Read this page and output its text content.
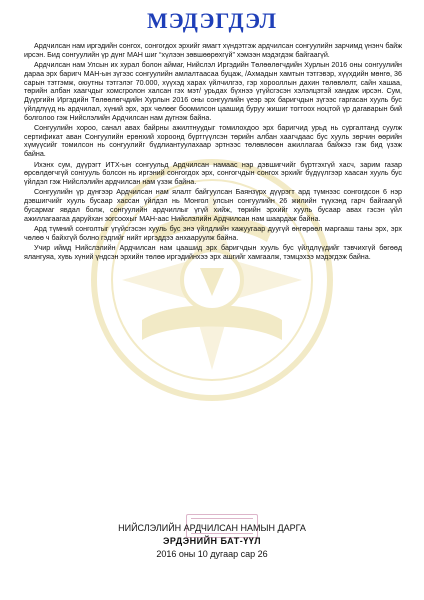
МЭДЭГДЭЛ

Ардчилсан нам иргэдийн сонгох, сонгогдох эрхийг ямагт хүндэтгэж ардчилсан сонгуулийн зарчимд үнэнч байж ирсэн. Бид сонгуулийн үр дүнг МАН шиг “хүлээн зөвшөөрөхгүй” хэмээн мэдэгдэж байгаагүй.

Ардчилсан нам Улсын их хурал болон аймаг, Нийслэл Иргэдийн Төлөөлөгчдийн Хурлын 2016 оны сонгуулийн дараа эрх баригч МАН-ын зүгээс сонгуулийн амлалтаасаа буцаж, /Ахмадын хамтын тэтгэвэр, хүүхдийн мөнгө, 36 сарын тэтгэмж, оюутны тэтгэлэг 70.000, хүүхэд харах үйлчилгээ, гэр хорооллын дахин төлөвлөлт, сайн хашаа, төрийн албан хаагчдыг хомсгролон халсан гэх мэт/ урьдах бүхнээ үгүйсгэсэн хэлэлцэтэй хандаж ирсэн. Сум, Дүүргийн Иргэдийн Төлөөлөгчдийн Хурлын 2016 оны сонгуулийн үеэр эрх баригчдын зүгээс гаргасан хууль бус үйлдлүүд нь ардчилал, хүний эрх, эрх чөлөөг боомилсон цаашид буруу жишиг тогтоох ноцтой үр дагаварын бий болголоо гэж Нийслэлийн Ардчилсан нам дүгнэж байна.

Сонгуулийн хороо, санал авах байрны ажилтнуудыг томилохдоо эрх баригчид урьд нь сургалтанд суулж сертификат аван Сонгуулийн ерөнхий хороонд бүртгүүлсэн төрийн албан хаагчдаас бус хууль зөрчин өөрийн хүмүүсийг томилсон нь сонгуулийг бүдлиантуулахаар эртнээс төлөвлөсөн ажиллагаа байжээ гэж бид үзэж байна.

Ихэнх сум, дүүрэгт ИТХ-ын сонгуульд Ардчилсан намаас нэр дэвшигчийг бүртгэхгүй хасч, зарим газар өрсөлдөгчгүй сонгууль болсон нь иргэний сонгогдох эрх, сонгогчдын сонгох эрхийг бүдүүлгээр хаасан хууль бус үйлдэл гэж Нийслэлийн ардчилсан нам үзэж байна.

Сонгуулийн үр дүнгээр Ардчилсан нам ялалт байгуулсан Баянзүрх дүүрэгт ард түмнээс сонгогдсон 6 нэр дэвшигчийг хууль бусаар хассан үйлдэл нь Монгол улсын сонгуулийн 26 жилийн түүхэнд гарч байгаагүй бусармаг явдал болж, сонгуулийн ардчиллыг үгүй хийж, төрийн эрхийг хууль бусаар авах гэсэн үйл ажиллагаагаа даруйхан зогсоохыг МАН-аас Нийслэлийн Ардчилсан нам шаардаж байна.

Ард түмний сонголтыг үгүйсгэсэн хууль бус энэ үйлдлийн хажуугаар дуугүй өнгөрөөл маргааш таны эрх, эрх чөлөө ч байхгүй болно гэдгийг нийт иргэддээ анхааруулж байна.

Учир иймд Нийслэлийн Ардчилсан нам цаашид эрх баригчдын хууль бус үйлдлүүдийг тэвчихгүй бөгөөд ялангуяа, хувь хүний үндсэн эрхийн төлөө иргэдийнхээ эрх ашгийг хамгаалж, тэмцэхээ мэдэгдэж байна.

НИЙСЛЭЛИЙН АРДЧИЛСАН НАМЫН ДАРГА
ЭРДЭНИЙН БАТ-ҮҮЛ
2016 оны 10 дугаар сар 26
